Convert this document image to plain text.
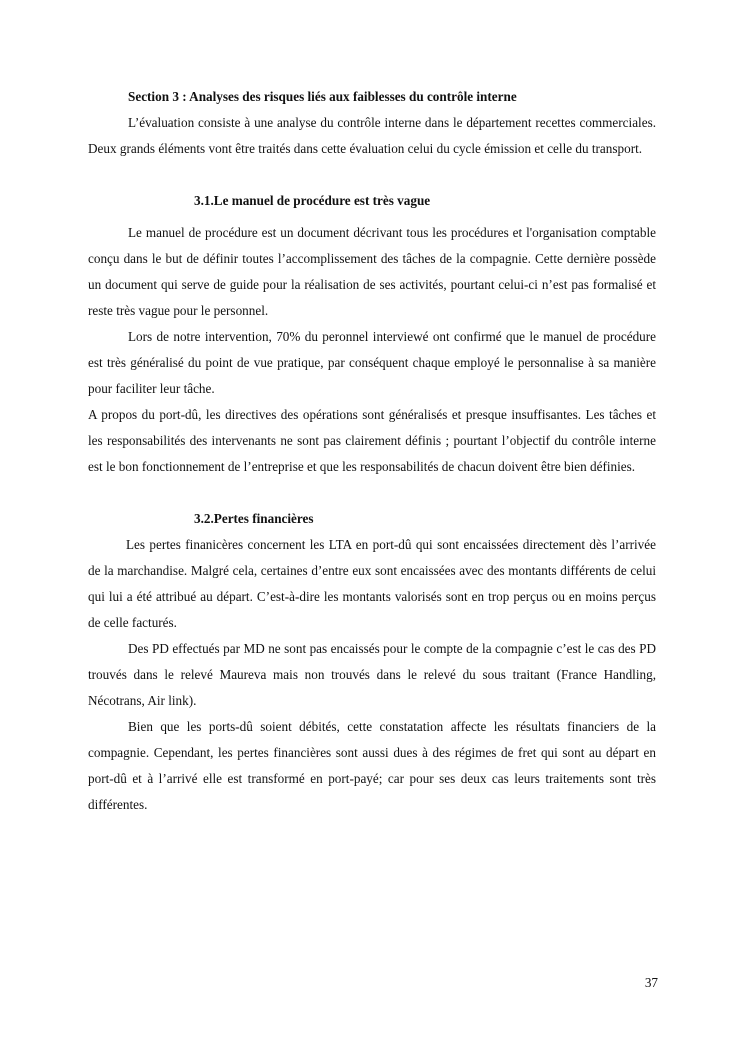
Section 3 : Analyses des risques liés aux faiblesses du contrôle interne

L’évaluation consiste à une analyse du contrôle interne dans le département recettes commerciales. Deux grands éléments vont être traités dans cette évaluation celui du cycle émission et celle du transport.

3.1.Le manuel de procédure est très vague

Le manuel de procédure est un document décrivant tous les procédures et l'organisation comptable conçu dans le but de définir toutes l’accomplissement des tâches de la compagnie. Cette dernière possède un document qui serve de guide pour la réalisation de ses activités, pourtant celui-ci n’est pas formalisé et reste très vague pour le personnel.

Lors de notre intervention, 70% du peronnel interviewé ont confirmé que le manuel de procédure est très généralisé du point de vue pratique, par conséquent chaque employé le personnalise à sa manière pour faciliter leur tâche.

A propos du port-dû, les directives des opérations sont généralisés et presque insuffisantes. Les tâches et les responsabilités des intervenants ne sont pas clairement définis ; pourtant l’objectif du contrôle interne est le bon fonctionnement de l’entreprise et que les responsabilités de chacun doivent être bien définies.

3.2.Pertes financières

Les pertes finanicères concernent les LTA en port-dû qui sont encaissées directement dès l’arrivée de la marchandise. Malgré cela, certaines d’entre eux sont encaissées avec des montants différents de celui qui lui a été attribué au départ. C’est-à-dire les montants valorisés sont en trop perçus ou en moins perçus de celle facturés.

Des PD effectués par MD ne sont pas encaissés pour le compte de la compagnie c’est le cas des PD trouvés dans le relevé Maureva mais non trouvés dans le relevé du sous traitant (France Handling, Nécotrans, Air link).

Bien que les ports-dû soient débités, cette constatation affecte les résultats financiers de la compagnie. Cependant, les pertes financières sont aussi dues à des régimes de fret qui sont au départ en port-dû et à l’arrivé elle est transformé en port-payé; car pour ses deux cas leurs traitements sont très différentes.

37
